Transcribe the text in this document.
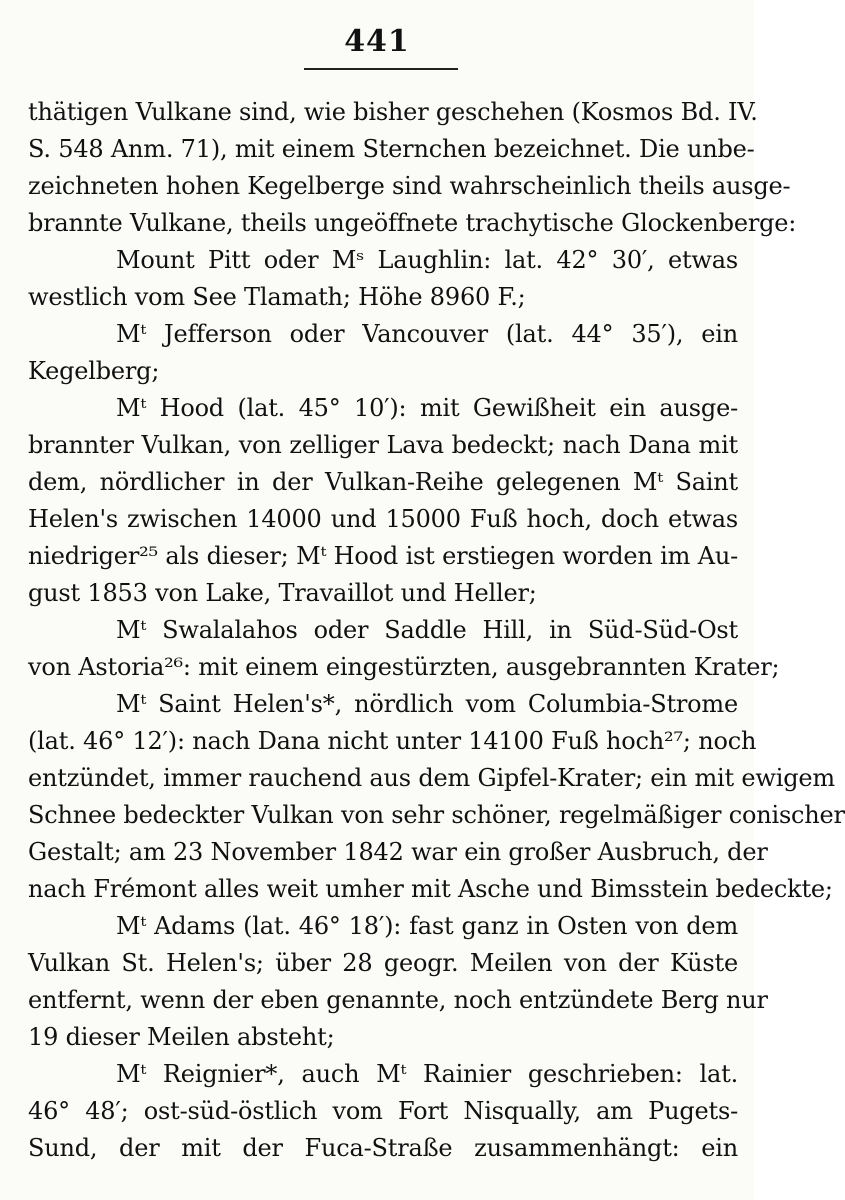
441
thätigen Vulkane sind, wie bisher geschehen (Kosmos Bd. IV.
S. 548 Anm. 71), mit einem Sternchen bezeichnet. Die unbe-
zeichneten hohen Kegelberge sind wahrscheinlich theils ausge-
brannte Vulkane, theils ungeöffnete trachytische Glockenberge:
Mount Pitt oder Mˢ Laughlin: lat. 42° 30′, etwas
westlich vom See Tlamath; Höhe 8960 F.;
Mᵗ Jefferson oder Vancouver (lat. 44° 35′), ein
Kegelberg;
Mᵗ Hood (lat. 45° 10′): mit Gewißheit ein ausge-
brannter Vulkan, von zelliger Lava bedeckt; nach Dana mit
dem, nördlicher in der Vulkan-Reihe gelegenen Mᵗ Saint
Helen's zwischen 14000 und 15000 Fuß hoch, doch etwas
niedriger²⁵ als dieser; Mᵗ Hood ist erstiegen worden im Au-
gust 1853 von Lake, Travaillot und Heller;
Mᵗ Swalalahos oder Saddle Hill, in Süd-Süd-Ost
von Astoria²⁶: mit einem eingestürzten, ausgebrannten Krater;
Mᵗ Saint Helen's*, nördlich vom Columbia-Strome
(lat. 46° 12′): nach Dana nicht unter 14100 Fuß hoch²⁷; noch
entzündet, immer rauchend aus dem Gipfel-Krater; ein mit ewigem
Schnee bedeckter Vulkan von sehr schöner, regelmäßiger conischer
Gestalt; am 23 November 1842 war ein großer Ausbruch, der
nach Frémont alles weit umher mit Asche und Bimsstein bedeckte;
Mᵗ Adams (lat. 46° 18′): fast ganz in Osten von dem
Vulkan St. Helen's; über 28 geogr. Meilen von der Küste
entfernt, wenn der eben genannte, noch entzündete Berg nur
19 dieser Meilen absteht;
Mᵗ Reignier*, auch Mᵗ Rainier geschrieben: lat.
46° 48′; ost-süd-östlich vom Fort Nisqually, am Pugets-
Sund, der mit der Fuca-Straße zusammenhängt: ein
